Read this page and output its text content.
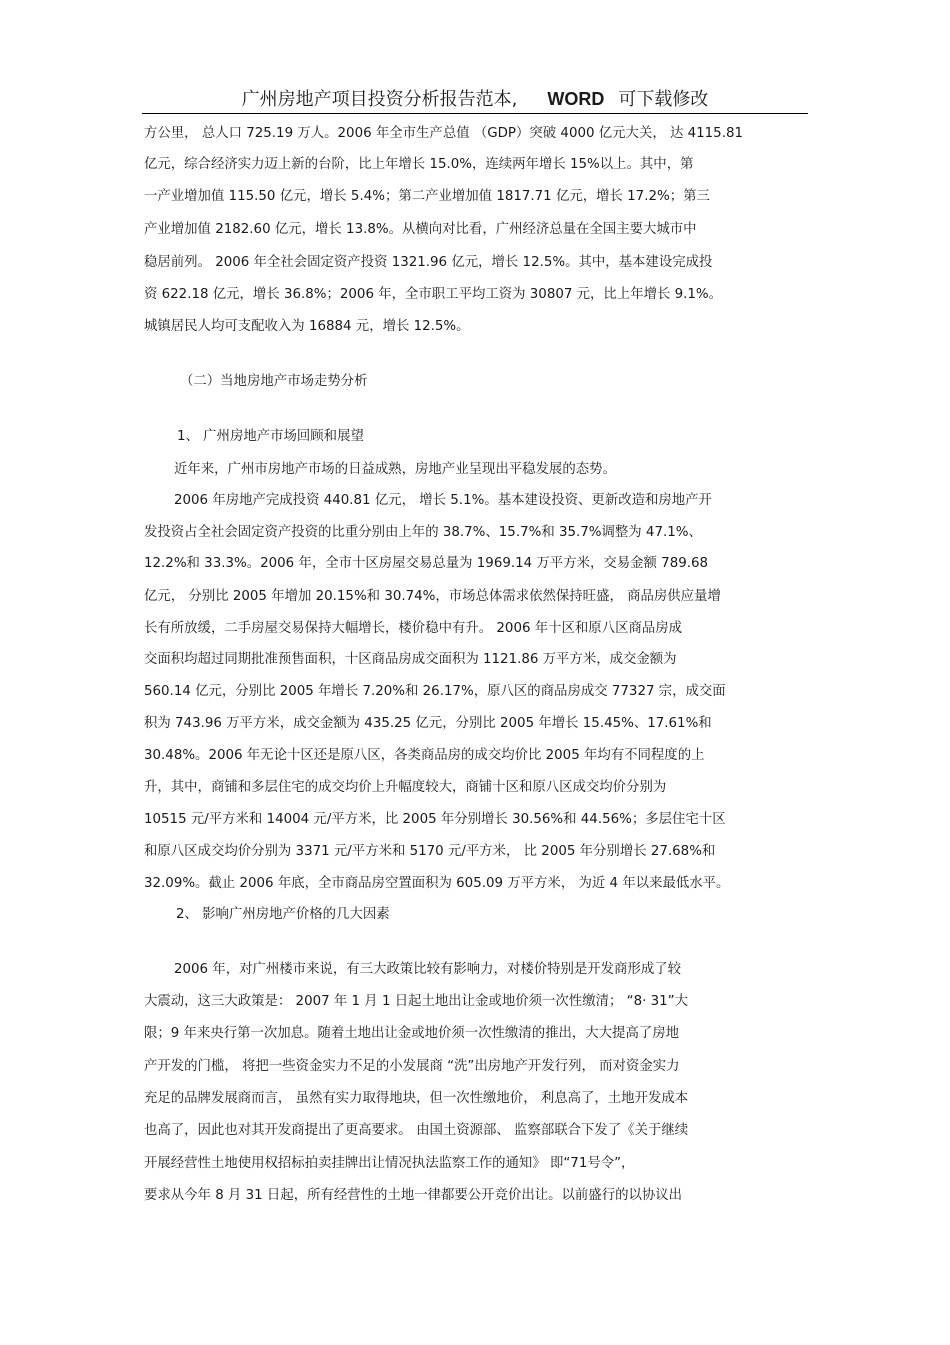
广州房地产项目投资分析报告范本, WORD 可下载修改
方公里， 总人口 725.19 万人。2006 年全市生产总值 （GDP）突破 4000 亿元大关， 达 4115.81
亿元，综合经济实力迈上新的台阶，比上年增长 15.0%，连续两年增长 15%以上。其中，第
一产业增加值 115.50 亿元，增长 5.4%；第二产业增加值 1817.71 亿元，增长 17.2%；第三
产业增加值 2182.60 亿元，增长 13.8%。从横向对比看，广州经济总量在全国主要大城市中
稳居前列。 2006 年全社会固定资产投资 1321.96 亿元，增长 12.5%。其中，基本建设完成投
资 622.18 亿元，增长 36.8%；2006 年，全市职工平均工资为 30807 元，比上年增长 9.1%。
城镇居民人均可支配收入为 16884 元，增长 12.5%。
（二）当地房地产市场走势分析
1、 广州房地产市场回顾和展望
近年来，广州市房地产市场的日益成熟，房地产业呈现出平稳发展的态势。
2006 年房地产完成投资 440.81 亿元， 增长 5.1%。基本建设投资、更新改造和房地产开
发投资占全社会固定资产投资的比重分别由上年的 38.7%、15.7%和 35.7%调整为 47.1%、
12.2%和 33.3%。2006 年，全市十区房屋交易总量为 1969.14 万平方米，交易金额 789.68
亿元， 分别比 2005 年增加 20.15%和 30.74%，市场总体需求依然保持旺盛， 商品房供应量增
长有所放缓，二手房屋交易保持大幅增长，楼价稳中有升。 2006 年十区和原八区商品房成
交面积均超过同期批准预售面积，十区商品房成交面积为 1121.86 万平方米，成交金额为
560.14 亿元，分别比 2005 年增长 7.20%和 26.17%，原八区的商品房成交 77327 宗，成交面
积为 743.96 万平方米，成交金额为 435.25 亿元，分别比 2005 年增长 15.45%、17.61%和
30.48%。2006 年无论十区还是原八区，各类商品房的成交均价比 2005 年均有不同程度的上
升，其中，商铺和多层住宅的成交均价上升幅度较大，商铺十区和原八区成交均价分别为
10515 元/平方米和 14004 元/平方米，比 2005 年分别增长 30.56%和 44.56%；多层住宅十区
和原八区成交均价分别为 3371 元/平方米和 5170 元/平方米， 比 2005 年分别增长 27.68%和
32.09%。截止 2006 年底，全市商品房空置面积为 605.09 万平方米， 为近 4 年以来最低水平。
2、 影响广州房地产价格的几大因素
2006 年，对广州楼市来说，有三大政策比较有影响力，对楼价特别是开发商形成了较
大震动，这三大政策是： 2007 年 1 月 1 日起土地出让金或地价须一次性缴清； “8· 31”大
限；9 年来央行第一次加息。随着土地出让金或地价须一次性缴清的推出，大大提高了房地
产开发的门槛， 将把一些资金实力不足的小发展商 “洗”出房地产开发行列， 而对资金实力
充足的品牌发展商而言， 虽然有实力取得地块，但一次性缴地价， 利息高了，土地开发成本
也高了，因此也对其开发商提出了更高要求。 由国土资源部、 监察部联合下发了《关于继续
开展经营性土地使用权招标拍卖挂牌出让情况执法监察工作的通知》 即“71号令”，
要求从今年 8 月 31 日起，所有经营性的土地一律都要公开竞价出让。以前盛行的以协议出
